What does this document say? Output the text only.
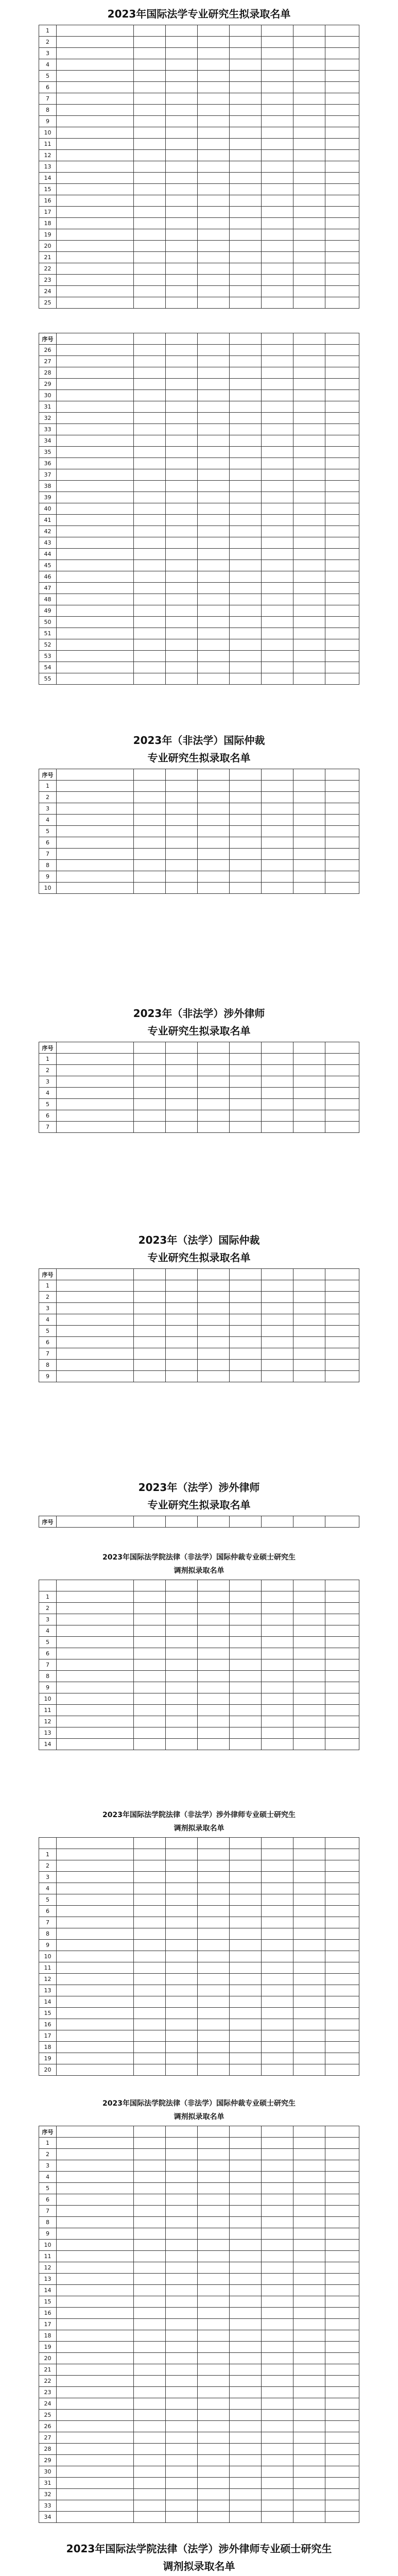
2023年国际法学专业研究生拟录取名单
1								
2								
3								
4								
5								
6								
7								
8								
9								
10								
11								
12								
13								
14								
15								
16								
17								
18								
19								
20								
21								
22								
23								
24								
25								
序号								
26								
27								
28								
29								
30								
31								
32								
33								
34								
35								
36								
37								
38								
39								
40								
41								
42								
43								
44								
45								
46								
47								
48								
49								
50								
51								
52								
53								
54								
55								
2023年（非法学）国际仲裁
专业研究生拟录取名单
序号								
1								
2								
3								
4								
5								
6								
7								
8								
9								
10								
2023年（非法学）涉外律师
专业研究生拟录取名单
序号								
1								
2								
3								
4								
5								
6								
7								
2023年（法学）国际仲裁
专业研究生拟录取名单
序号								
1								
2								
3								
4								
5								
6								
7								
8								
9								
2023年（法学）涉外律师
专业研究生拟录取名单
序号								
2023年国际法学院法律（非法学）国际仲裁专业硕士研究生
调剂拟录取名单

1								
2								
3								
4								
5								
6								
7								
8								
9								
10								
11								
12								
13								
14								
2023年国际法学院法律（非法学）涉外律师专业硕士研究生
调剂拟录取名单

1								
2								
3								
4								
5								
6								
7								
8								
9								
10								
11								
12								
13								
14								
15								
16								
17								
18								
19								
20								
2023年国际法学院法律（非法学）国际仲裁专业硕士研究生
调剂拟录取名单
序号								
1								
2								
3								
4								
5								
6								
7								
8								
9								
10								
11								
12								
13								
14								
15								
16								
17								
18								
19								
20								
21								
22								
23								
24								
25								
26								
27								
28								
29								
30								
31								
32								
33								
34								
2023年国际法学院法律（法学）涉外律师专业硕士研究生
调剂拟录取名单
